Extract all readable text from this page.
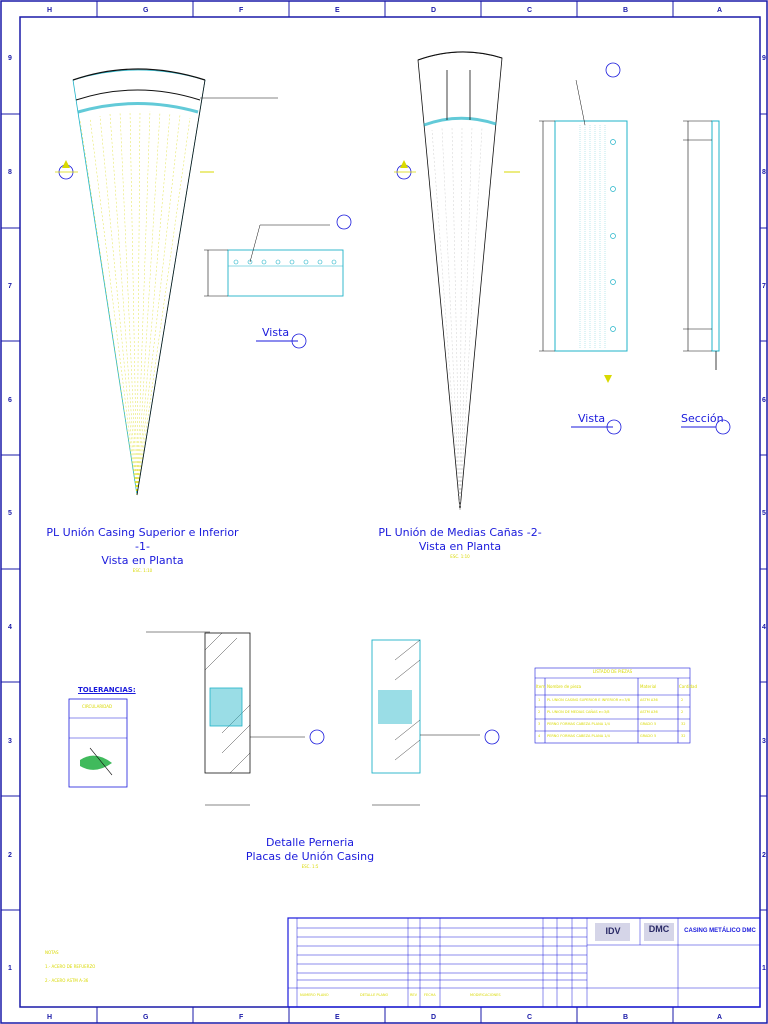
H	G	F	E	D	C	B	A
H	G	F	E	D	C	B	A
9
8
7
6
5
4
3
2
1
9
8
7
6
5
4
3
2
1
PL Unión Casing Superior e Inferior -1-
Vista en Planta
ESC. 1:10
PL Unión de Medias Cañas -2-
Vista en Planta
ESC. 1:10
Vista
Vista	Sección
Detalle Perneria
Placas de Unión Casing
ESC. 1:5
TOLERANCIAS:
CIRCULARIDAD
LISTADO DE PIEZAS
Item Nombre de pieza	Material	Cantidad
1 PL UNION CASING SUPERIOR E INFERIOR e=3/8	ASTM A36	2
2 PL UNION DE MEDIAS CAÑAS e=3/8	ASTM A36	2
3 PERNO FORMAS CABEZA PLANA 1/4	GRADO 5	32
4 PERNO FORMAS CABEZA PLANA 1/4	GRADO 5	32
NOTAS
1.- ACERO DE REFUERZO
2.- ACERO ASTM A-36
IDV	DMC	CASING METÁLICO DMC
NUMERO PLANO	DETALLE PLANO	REV FECHA	MODIFICACIONES
